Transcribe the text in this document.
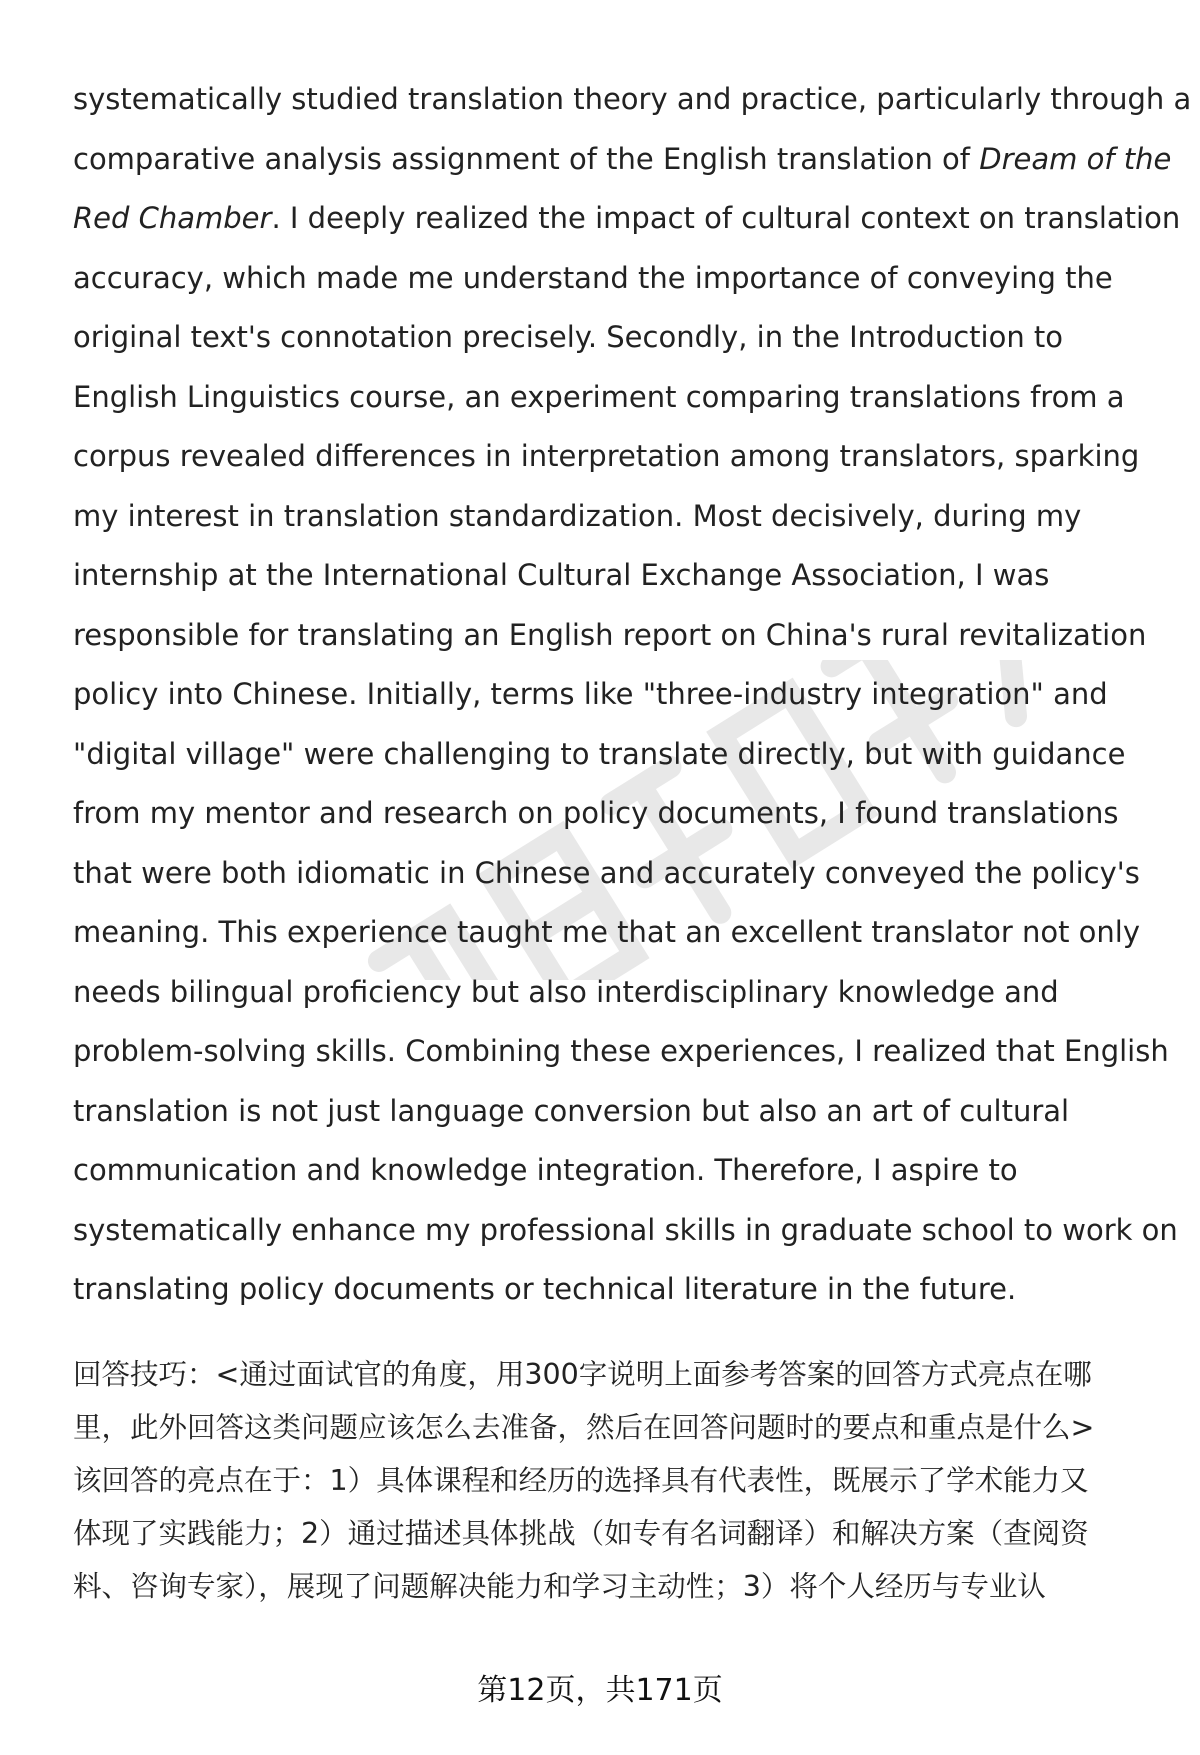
systematically studied translation theory and practice, particularly through a
comparative analysis assignment of the English translation of Dream of the
Red Chamber. I deeply realized the impact of cultural context on translation
accuracy, which made me understand the importance of conveying the
original text's connotation precisely. Secondly, in the Introduction to
English Linguistics course, an experiment comparing translations from a
corpus revealed differences in interpretation among translators, sparking
my interest in translation standardization. Most decisively, during my
internship at the International Cultural Exchange Association, I was
responsible for translating an English report on China's rural revitalization
policy into Chinese. Initially, terms like "three-industry integration" and
"digital village" were challenging to translate directly, but with guidance
from my mentor and research on policy documents, I found translations
that were both idiomatic in Chinese and accurately conveyed the policy's
meaning. This experience taught me that an excellent translator not only
needs bilingual proficiency but also interdisciplinary knowledge and
problem-solving skills. Combining these experiences, I realized that English
translation is not just language conversion but also an art of cultural
communication and knowledge integration. Therefore, I aspire to
systematically enhance my professional skills in graduate school to work on
translating policy documents or technical literature in the future.
回答技巧：<通过面试官的角度，用300字说明上面参考答案的回答方式亮点在哪
里，此外回答这类问题应该怎么去准备，然后在回答问题时的要点和重点是什么>
该回答的亮点在于：1）具体课程和经历的选择具有代表性，既展示了学术能力又
体现了实践能力；2）通过描述具体挑战（如专有名词翻译）和解决方案（查阅资
料、咨询专家），展现了问题解决能力和学习主动性；3）将个人经历与专业认
第12页，共171页
